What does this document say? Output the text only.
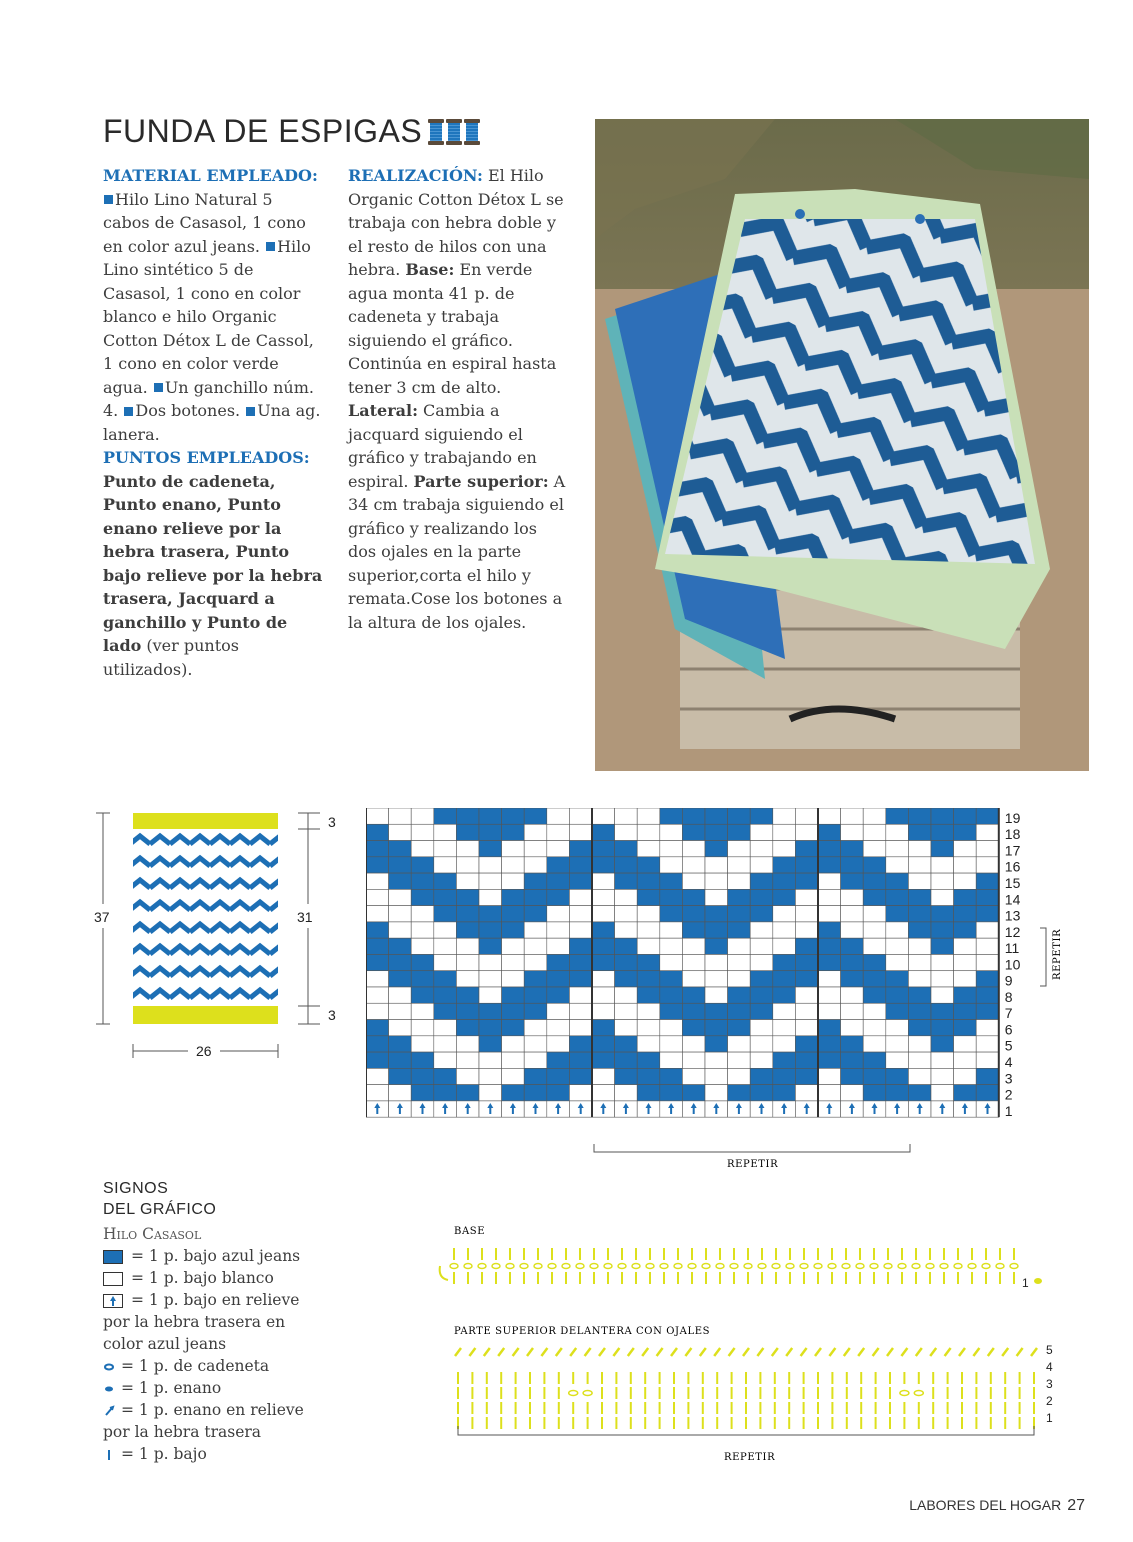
FUNDA DE ESPIGAS
MATERIAL EMPLEADO: Hilo Lino Natural 5 cabos de Casasol, 1 cono en color azul jeans. Hilo Lino sintético 5 de Casasol, 1 cono en color blanco e hilo Organic Cotton Détox L de Cassol, 1 cono en color verde agua. Un ganchillo núm. 4. Dos botones. Una ag. lanera.
PUNTOS EMPLEADOS: Punto de cadeneta, Punto enano, Punto enano relieve por la hebra trasera, Punto bajo relieve por la hebra trasera, Jacquard a ganchillo y Punto de lado (ver puntos utilizados).
REALIZACIÓN: El Hilo Organic Cotton Détox L se trabaja con hebra doble y el resto de hilos con una hebra. Base: En verde agua monta 41 p. de cadeneta y trabaja siguiendo el gráfico. Continúa en espiral hasta tener 3 cm de alto. Lateral: Cambia a jacquard siguiendo el gráfico y trabajando en espiral. Parte superior: A 34 cm trabaja siguiendo el gráfico y realizando los dos ojales en la parte superior,corta el hilo y remata.Cose los botones a la altura de los ojales.
37	31
3
3
26
19
18
17
16
15
14
13
12
11
10
9
8
7
6
5
4
3
2
1
REPETIR
REPETIR
SIGNOS
DEL GRÁFICO
Hilo Casasol
= 1 p. bajo azul jeans
= 1 p. bajo blanco
= 1 p. bajo en relieve
por la hebra trasera en
color azul jeans
= 1 p. de cadeneta
= 1 p. enano
= 1 p. enano en relieve
por la hebra trasera
= 1 p. bajo
BASE
1
PARTE SUPERIOR DELANTERA CON OJALES
5
4
3
2
1
REPETIR
LABORES DEL HOGAR 27
